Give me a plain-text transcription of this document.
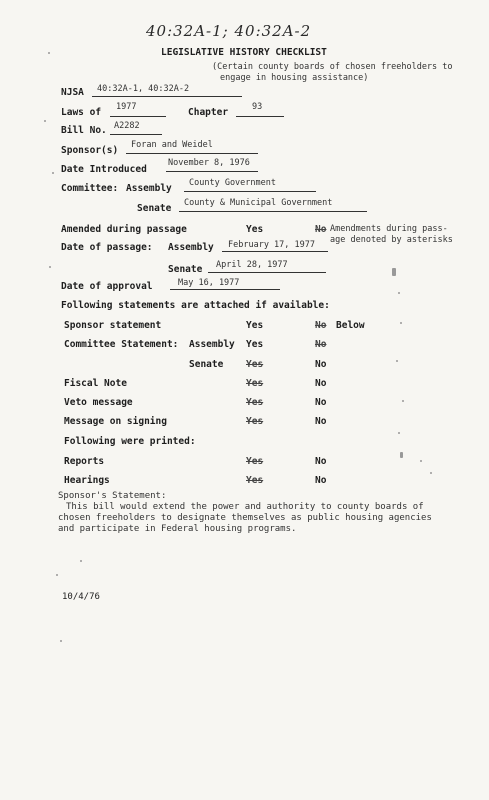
40:32A-1; 40:32A-2
LEGISLATIVE HISTORY CHECKLIST
(Certain county boards of chosen freeholders to
engage in housing assistance)
NJSA 40:32A-1, 40:32A-2
Laws of 1977	Chapter	93
Bill No. A2282
Sponsor(s) Foran and Weidel
Date Introduced
November 8, 1976
Committee: Assembly County Government
Senate County & Municipal Government
Amended during passage	Yes	No Amendments during pass-
age denoted by asterisks
Date of passage: Assembly February 17, 1977
Senate April 28, 1977
Date of approval	May 16, 1977
Following statements are attached if available:
Sponsor statement	Yes	No Below
Committee Statement: Assembly Yes	No
Senate Yes	No
Fiscal Note	Yes	No
Veto message	Yes	No
Message on signing	Yes	No
Following were printed:
Reports	Yes	No
Hearings	Yes	No
Sponsor's Statement:
This bill would extend the power and authority to county boards of
chosen freeholders to designate themselves as public housing agencies
and participate in Federal housing programs.
10/4/76
